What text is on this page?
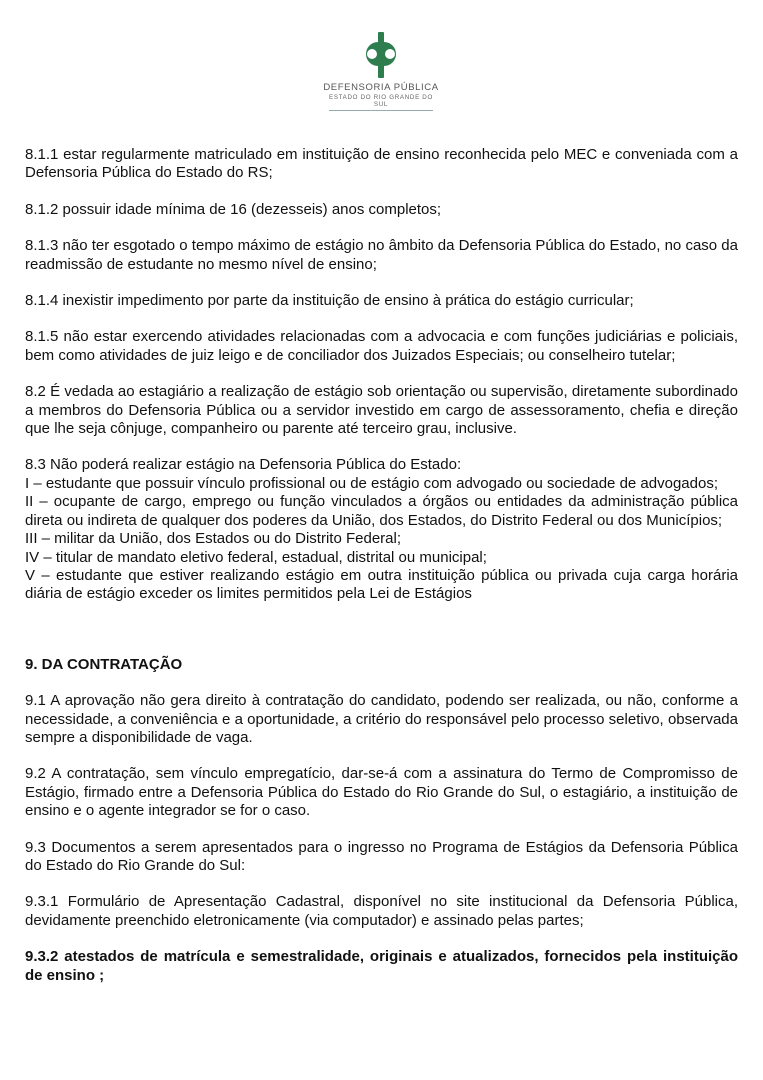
DEFENSORIA PÚBLICA
ESTADO DO RIO GRANDE DO SUL

8.1.1 estar regularmente matriculado em instituição de ensino reconhecida pelo MEC e conveniada com a Defensoria Pública do Estado do RS;

8.1.2 possuir idade mínima de 16 (dezesseis) anos completos;

8.1.3 não ter esgotado o tempo máximo de estágio no âmbito da Defensoria Pública do Estado, no caso da readmissão de estudante no mesmo nível de ensino;

8.1.4 inexistir impedimento por parte da instituição de ensino à prática do estágio curricular;

8.1.5 não estar exercendo atividades relacionadas com a advocacia e com funções judiciárias e policiais, bem como atividades de juiz leigo e de conciliador dos Juizados Especiais; ou conselheiro tutelar;

8.2 É vedada ao estagiário a realização de estágio sob orientação ou supervisão, diretamente subordinado a membros do Defensoria Pública ou a servidor investido em cargo de assessoramento, chefia e direção que lhe seja cônjuge, companheiro ou parente até terceiro grau, inclusive.

8.3 Não poderá realizar estágio na Defensoria Pública do Estado:

I – estudante que possuir vínculo profissional ou de estágio com advogado ou sociedade de advogados;

II – ocupante de cargo, emprego ou função vinculados a órgãos ou entidades da administração pública direta ou indireta de qualquer dos poderes da União, dos Estados, do Distrito Federal ou dos Municípios;

III – militar da União, dos Estados ou do Distrito Federal;

IV – titular de mandato eletivo federal, estadual, distrital ou municipal;

V – estudante que estiver realizando estágio em outra instituição pública ou privada cuja carga horária diária de estágio exceder os limites permitidos pela Lei de Estágios

9. DA CONTRATAÇÃO

9.1 A aprovação não gera direito à contratação do candidato, podendo ser realizada, ou não, conforme a necessidade, a conveniência e a oportunidade, a critério do responsável pelo processo seletivo, observada sempre a disponibilidade de vaga.

9.2 A contratação, sem vínculo empregatício, dar-se-á com a assinatura do Termo de Compromisso de Estágio, firmado entre a Defensoria Pública do Estado do Rio Grande do Sul, o estagiário, a instituição de ensino e o agente integrador se for o caso.

9.3 Documentos a serem apresentados para o ingresso no Programa de Estágios da Defensoria Pública do Estado do Rio Grande do Sul:

9.3.1 Formulário de Apresentação Cadastral, disponível no site institucional da Defensoria Pública, devidamente preenchido eletronicamente (via computador) e assinado pelas partes;

9.3.2 atestados de matrícula e semestralidade, originais e atualizados, fornecidos pela instituição de ensino ;
